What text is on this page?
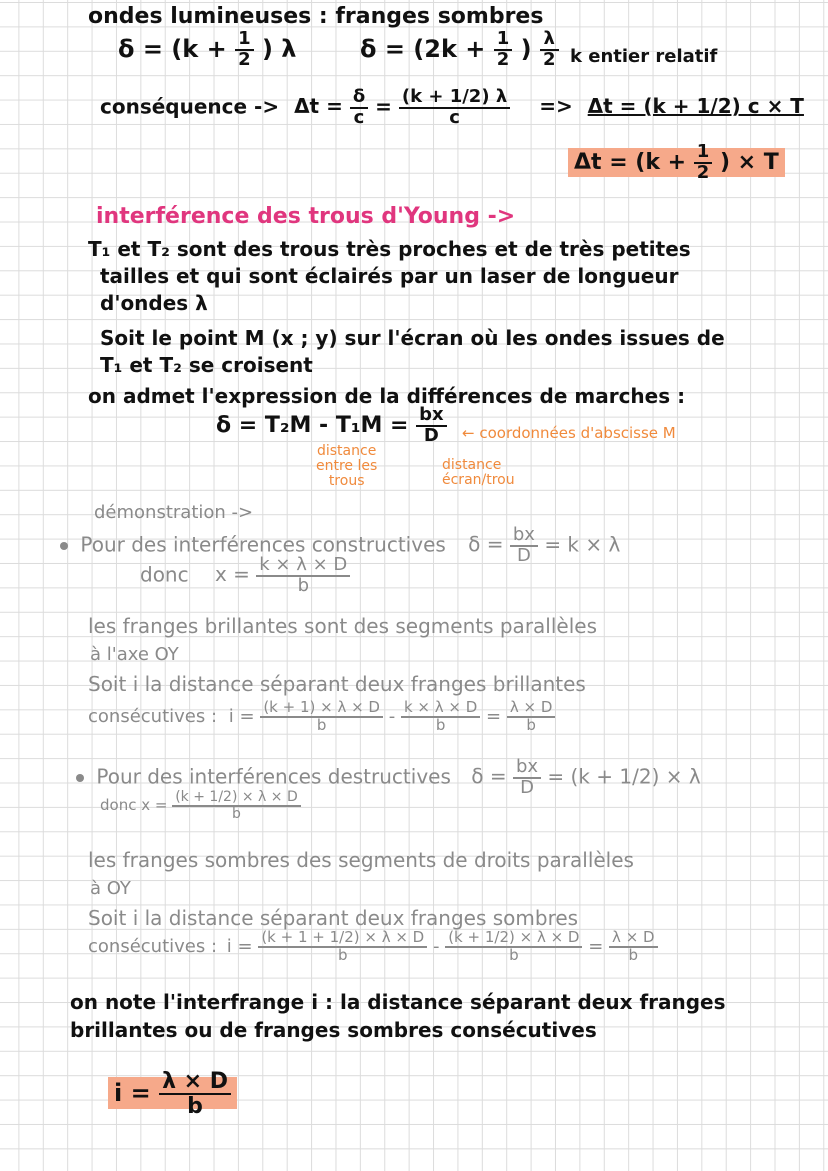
ondes lumineuses : franges sombres
$\delta = (k + \frac{1}{2}$ ) λ	$\delta = (2k + \frac{1}{2}$ ) $\frac{\lambda}{2}$ k entier relatif
conséquence -> $\Delta t = \frac{\delta}{c} = \frac{(k + 1/2) \lambda}{c} => \Delta t = (k + 1/2) c \times T$
$\Delta t = (k + \frac{1}{2}$ ) × T
interférence des trous d'Young ->
T₁ et T₂ sont des trous très proches et de très petites
tailles et qui sont éclairés par un laser de longueur
d'ondes λ
Soit le point M (x ; y) sur l'écran où les ondes issues de
T₁ et T₂ se croisent
on admet l'expression de la différences de marches :
$\delta = T_2M - T_1M = \frac{bx}{D}$ ← coordonnées d'abscisse M
distance
entre les
trous
distance
écran/trou
démonstration ->
Pour des interférences constructives $\delta = \frac{bx}{D} = k \times \lambda$
donc $x = \frac{k \times \lambda \times D}{b}$
les franges brillantes sont des segments parallèles
à l'axe OY
Soit i la distance séparant deux franges brillantes
consécutives : $i = \frac{(k + 1) \times \lambda \times D}{b} - \frac{k \times \lambda \times D}{b} = \frac{\lambda \times D}{b}$
Pour des interférences destructives $\delta = \frac{bx}{D} = (k + 1/2) \times \lambda$
donc $x = \frac{(k + 1/2) \times \lambda \times D}{b}$
les franges sombres des segments de droits parallèles
à OY
Soit i la distance séparant deux franges sombres
consécutives : $i = \frac{(k + 1 + 1/2) \times \lambda \times D}{b} - \frac{(k + 1/2) \times \lambda \times D}{b} = \frac{\lambda \times D}{b}$
on note l'interfrange i : la distance séparant deux franges
brillantes ou de franges sombres consécutives
$i = \frac{\lambda \times D}{b}$
